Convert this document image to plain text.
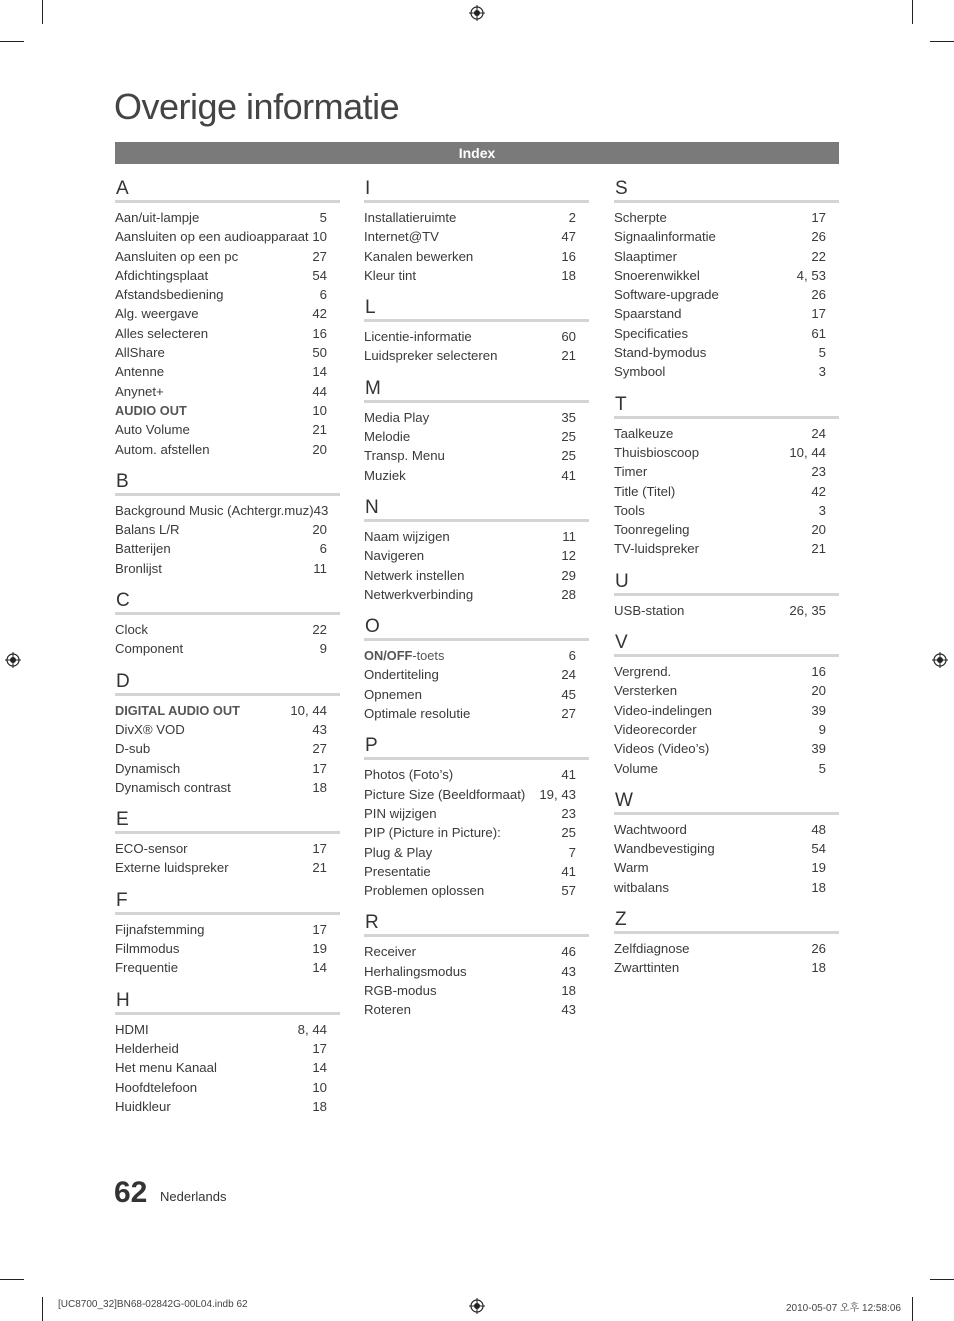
Overige informatie
Index
A
Aan/uit-lampje	5
Aansluiten op een audioapparaat 10
Aansluiten op een pc	27
Afdichtingsplaat	54
Afstandsbediening	6
Alg. weergave	42
Alles selecteren	16
AllShare	50
Antenne	14
Anynet+	44
AUDIO OUT	10
Auto Volume	21
Autom. afstellen	20
B
Background Music (Achtergr.muz) 43
Balans L/R	20
Batterijen	6
Bronlijst	11
C
Clock	22
Component	9
D
DIGITAL AUDIO OUT	10, 44
DivX® VOD	43
D-sub	27
Dynamisch	17
Dynamisch contrast	18
E
ECO-sensor	17
Externe luidspreker	21
F
Fijnafstemming	17
Filmmodus	19
Frequentie	14
H
HDMI	8, 44
Helderheid	17
Het menu Kanaal	14
Hoofdtelefoon	10
Huidkleur	18
I
Installatieruimte	2
Internet@TV	47
Kanalen bewerken	16
Kleur tint	18
L
Licentie-informatie	60
Luidspreker selecteren	21
M
Media Play	35
Melodie	25
Transp. Menu	25
Muziek	41
N
Naam wijzigen	11
Navigeren	12
Netwerk instellen	29
Netwerkverbinding	28
O
ON/OFF-toets	6
Ondertiteling	24
Opnemen	45
Optimale resolutie	27
P
Photos (Foto’s)	41
Picture Size (Beeldformaat) 19, 43
PIN wijzigen	23
PIP (Picture in Picture):	25
Plug & Play	7
Presentatie	41
Problemen oplossen	57
R
Receiver	46
Herhalingsmodus	43
RGB-modus	18
Roteren	43
S
Scherpte	17
Signaalinformatie	26
Slaaptimer	22
Snoerenwikkel	4, 53
Software-upgrade	26
Spaarstand	17
Specificaties	61
Stand-bymodus	5
Symbool	3
T
Taalkeuze	24
Thuisbioscoop	10, 44
Timer	23
Title (Titel)	42
Tools	3
Toonregeling	20
TV-luidspreker	21
U
USB-station	26, 35
V
Vergrend.	16
Versterken	20
Video-indelingen	39
Videorecorder	9
Videos (Video’s)	39
Volume	5
W
Wachtwoord	48
Wandbevestiging	54
Warm	19
witbalans	18
Z
Zelfdiagnose	26
Zwarttinten	18
62 Nederlands
[UC8700_32]BN68-02842G-00L04.indb 62	2010-05-07 오후 12:58:06
